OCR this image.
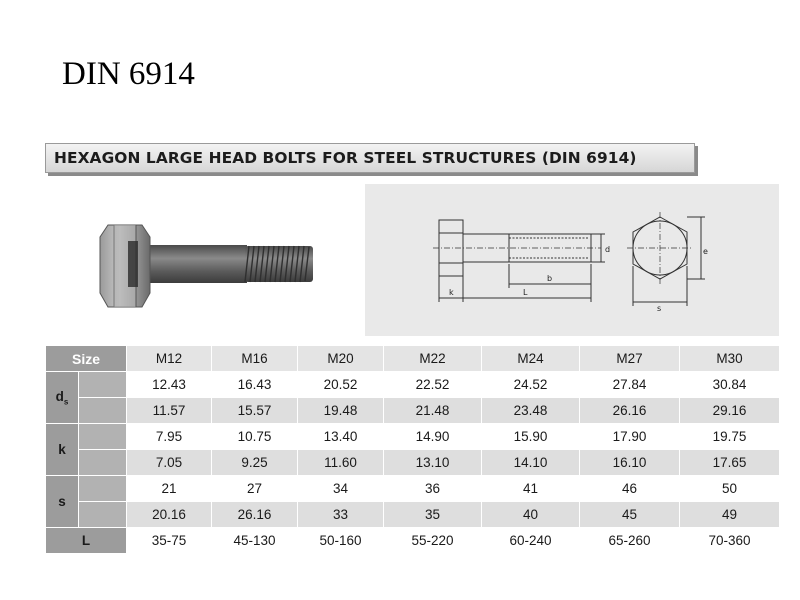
DIN 6914
HEXAGON LARGE HEAD BOLTS FOR STEEL STRUCTURES (DIN 6914)
d	e
b
L
k
s
Size		M12	M16	M20	M22	M24	M27	M30
$d_s$		12.43	16.43	20.52	22.52	24.52	27.84	30.84
		11.57	15.57	19.48	21.48	23.48	26.16	29.16
k		7.95	10.75	13.40	14.90	15.90	17.90	19.75
		7.05	9.25	11.60	13.10	14.10	16.10	17.65
s		21	27	34	36	41	46	50
		20.16	26.16	33	35	40	45	49
L		35-75	45-130	50-160	55-220	60-240	65-260	70-360
